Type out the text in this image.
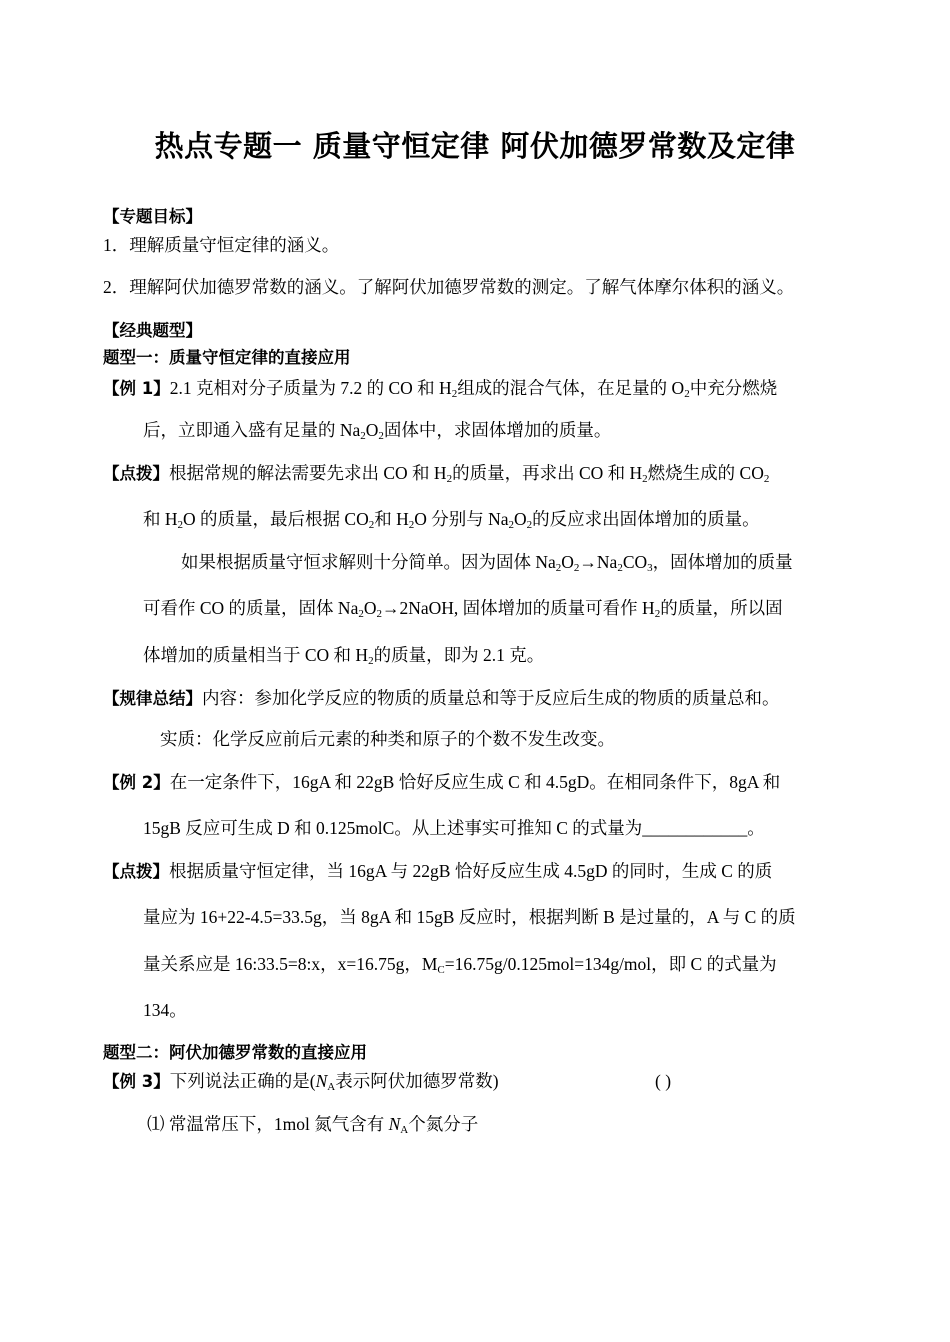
热点专题一 质量守恒定律 阿伏加德罗常数及定律
【专题目标】
1．理解质量守恒定律的涵义。
2．理解阿伏加德罗常数的涵义。了解阿伏加德罗常数的测定。了解气体摩尔体积的涵义。
【经典题型】
题型一：质量守恒定律的直接应用
【例 1】2.1 克相对分子质量为 7.2 的 CO 和 $H_2$组成的混合气体，在足量的 $O_2$中充分燃烧
后，立即通入盛有足量的 $Na_2O_2$固体中，求固体增加的质量。
【点拨】根据常规的解法需要先求出 CO 和 $H_2$的质量，再求出 CO 和 $H_2$燃烧生成的 $CO_2$
和 $H_2O$ 的质量，最后根据 $CO_2$和 $H_2O$ 分别与 $Na_2O_2$的反应求出固体增加的质量。
如果根据质量守恒求解则十分简单。因为固体 $Na_2O_2\to Na_2CO_3$，固体增加的质量
可看作 CO 的质量，固体 $Na_2O_2\to 2NaOH$, 固体增加的质量可看作 $H_2$的质量，所以固
体增加的质量相当于 CO 和 $H_2$的质量，即为 2.1 克。
【规律总结】内容：参加化学反应的物质的质量总和等于反应后生成的物质的质量总和。
实质：化学反应前后元素的种类和原子的个数不发生改变。
【例 2】在一定条件下，16gA 和 22gB 恰好反应生成 C 和 4.5gD。在相同条件下，8gA 和
15gB 反应可生成 D 和 0.125molC。从上述事实可推知 C 的式量为____________。
【点拨】根据质量守恒定律，当 16gA 与 22gB 恰好反应生成 4.5gD 的同时，生成 C 的质
量应为 16+22-4.5=33.5g，当 8gA 和 15gB 反应时，根据判断 B 是过量的，A 与 C 的质
量关系应是 16:33.5=8:x，x=16.75g，$M_C=16.75g/0.125mol=134g$/mol，即 C 的式量为
134。
题型二：阿伏加德罗常数的直接应用
【例 3】下列说法正确的是($N_A$表示阿伏加德罗常数)	( )
⑴ 常温常压下，1mol 氮气含有 $N_A$个氮分子
